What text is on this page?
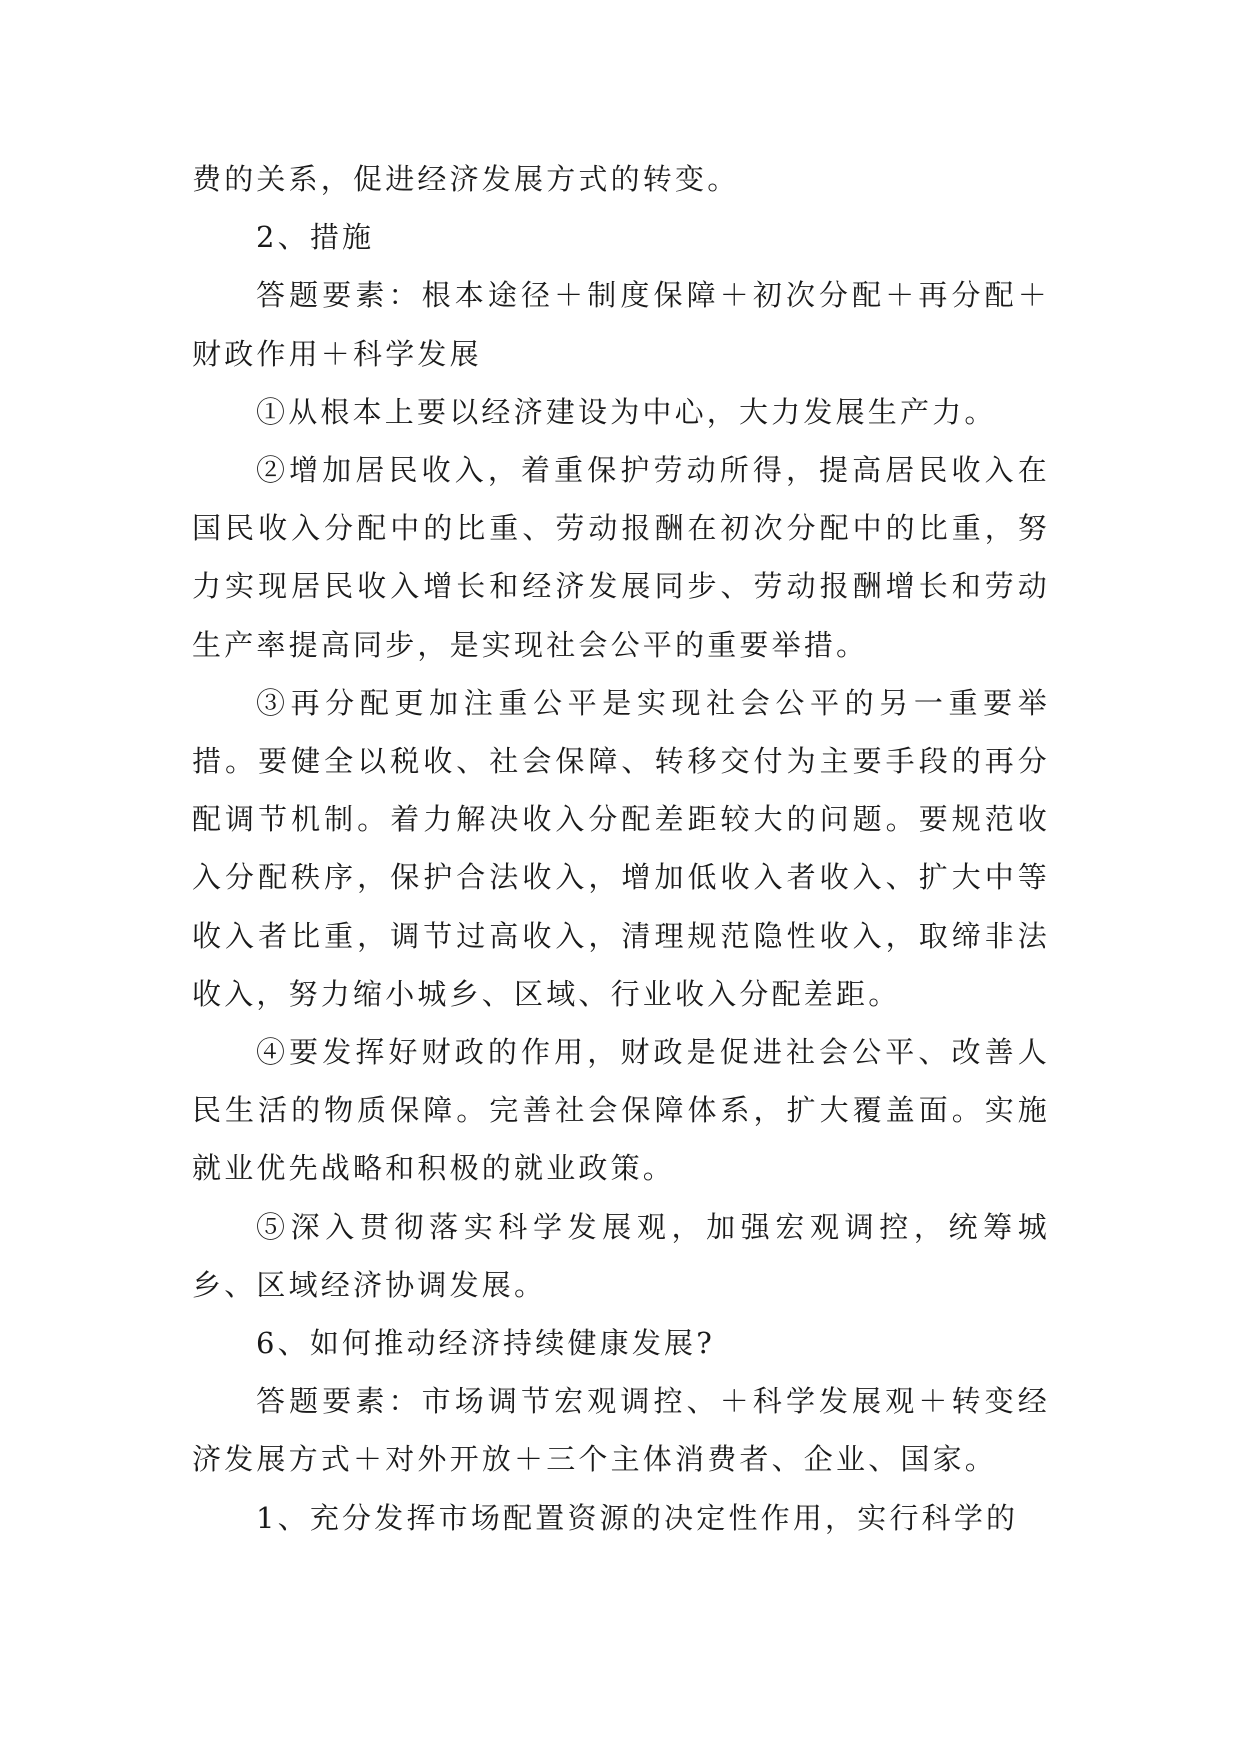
费的关系，促进经济发展方式的转变。

2、措施

答题要素：根本途径＋制度保障＋初次分配＋再分配＋财政作用＋科学发展

①从根本上要以经济建设为中心，大力发展生产力。

②增加居民收入，着重保护劳动所得，提高居民收入在国民收入分配中的比重、劳动报酬在初次分配中的比重，努力实现居民收入增长和经济发展同步、劳动报酬增长和劳动生产率提高同步，是实现社会公平的重要举措。

③再分配更加注重公平是实现社会公平的另一重要举措。要健全以税收、社会保障、转移交付为主要手段的再分配调节机制。着力解决收入分配差距较大的问题。要规范收入分配秩序，保护合法收入，增加低收入者收入、扩大中等收入者比重，调节过高收入，清理规范隐性收入，取缔非法收入，努力缩小城乡、区域、行业收入分配差距。

④要发挥好财政的作用，财政是促进社会公平、改善人民生活的物质保障。完善社会保障体系，扩大覆盖面。实施就业优先战略和积极的就业政策。

⑤深入贯彻落实科学发展观，加强宏观调控，统筹城乡、区域经济协调发展。

6、如何推动经济持续健康发展?

答题要素：市场调节宏观调控、＋科学发展观＋转变经济发展方式＋对外开放＋三个主体消费者、企业、国家。

1、充分发挥市场配置资源的决定性作用，实行科学的
